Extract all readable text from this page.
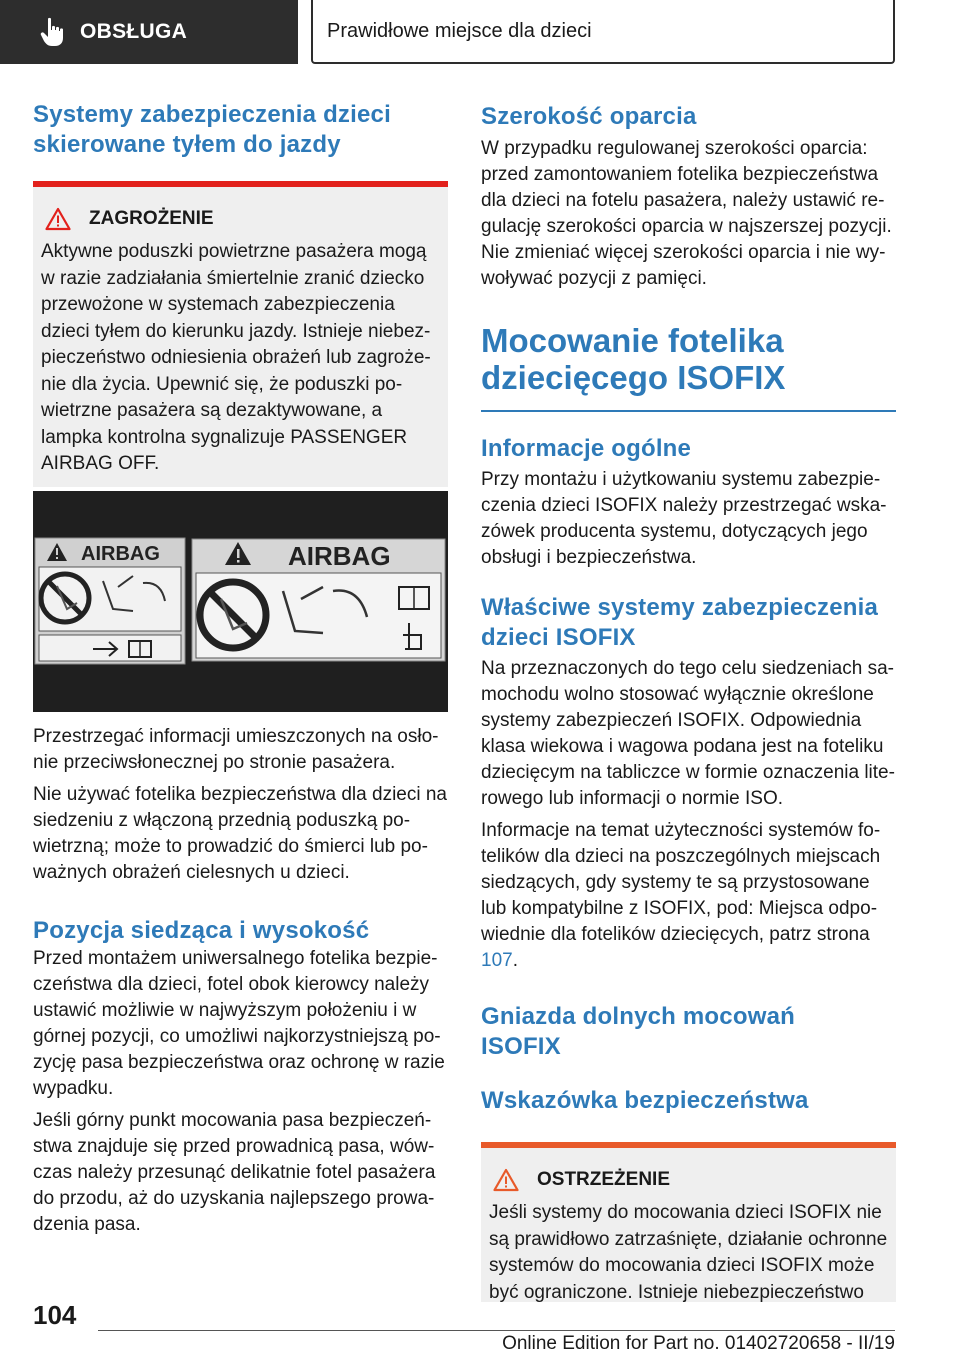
OBSŁUGA	Prawidłowe miejsce dla dzieci
Systemy zabezpieczenia dzieci skierowane tyłem do jazdy
ZAGROŻENIE

Aktywne poduszki powietrzne pasażera mogą w razie zadziałania śmiertelnie zranić dziecko przewożone w systemach zabezpieczenia dzieci tyłem do kierunku jazdy. Istnieje niebezpieczeństwo odniesienia obrażeń lub zagrożenie dla życia. Upewnić się, że poduszki powietrzne pasażera są dezaktywowane, a lampka kontrolna sygnalizuje PASSENGER AIRBAG OFF.

AIRBAG	AIRBAG

Przestrzegać informacji umieszczonych na osłonie przeciwsłonecznej po stronie pasażera.

Nie używać fotelika bezpieczeństwa dla dzieci na siedzeniu z włączoną przednią poduszką powietrzną; może to prowadzić do śmierci lub poważnych obrażeń cielesnych u dzieci.

Pozycja siedząca i wysokość

Przed montażem uniwersalnego fotelika bezpieczeństwa dla dzieci, fotel obok kierowcy należy ustawić możliwie w najwyższym położeniu i w górnej pozycji, co umożliwi najkorzystniejszą pozycję pasa bezpieczeństwa oraz ochronę w razie wypadku.

Jeśli górny punkt mocowania pasa bezpieczeństwa znajduje się przed prowadnicą pasa, wówczas należy przesunąć delikatnie fotel pasażera do przodu, aż do uzyskania najlepszego prowadzenia pasa.

Szerokość oparcia

W przypadku regulowanej szerokości oparcia: przed zamontowaniem fotelika bezpieczeństwa dla dzieci na fotelu pasażera, należy ustawić regulację szerokości oparcia w najszerszej pozycji. Nie zmieniać więcej szerokości oparcia i nie wywoływać pozycji z pamięci.

Mocowanie fotelika dziecięcego ISOFIX
Informacje ogólne

Przy montażu i użytkowaniu systemu zabezpieczenia dzieci ISOFIX należy przestrzegać wskazówek producenta systemu, dotyczących jego obsługi i bezpieczeństwa.

Właściwe systemy zabezpieczenia dzieci ISOFIX

Na przeznaczonych do tego celu siedzeniach samochodu wolno stosować wyłącznie określone systemy zabezpieczeń ISOFIX. Odpowiednia klasa wiekowa i wagowa podana jest na foteliku dziecięcym na tabliczce w formie oznaczenia literowego lub informacji o normie ISO.

Informacje na temat użyteczności systemów fotelików dla dzieci na poszczególnych miejscach siedzących, gdy systemy te są przystosowane lub kompatybilne z ISOFIX, pod: Miejsca odpowiednie dla fotelików dziecięcych, patrz strona 107.

Gniazda dolnych mocowań ISOFIX
Wskazówka bezpieczeństwa
OSTRZEŻENIE

Jeśli systemy do mocowania dzieci ISOFIX nie są prawidłowo zatrzaśnięte, działanie ochronne systemów do mocowania dzieci ISOFIX może być ograniczone. Istnieje niebezpieczeństwo

104
Online Edition for Part no. 01402720658 - II/19
